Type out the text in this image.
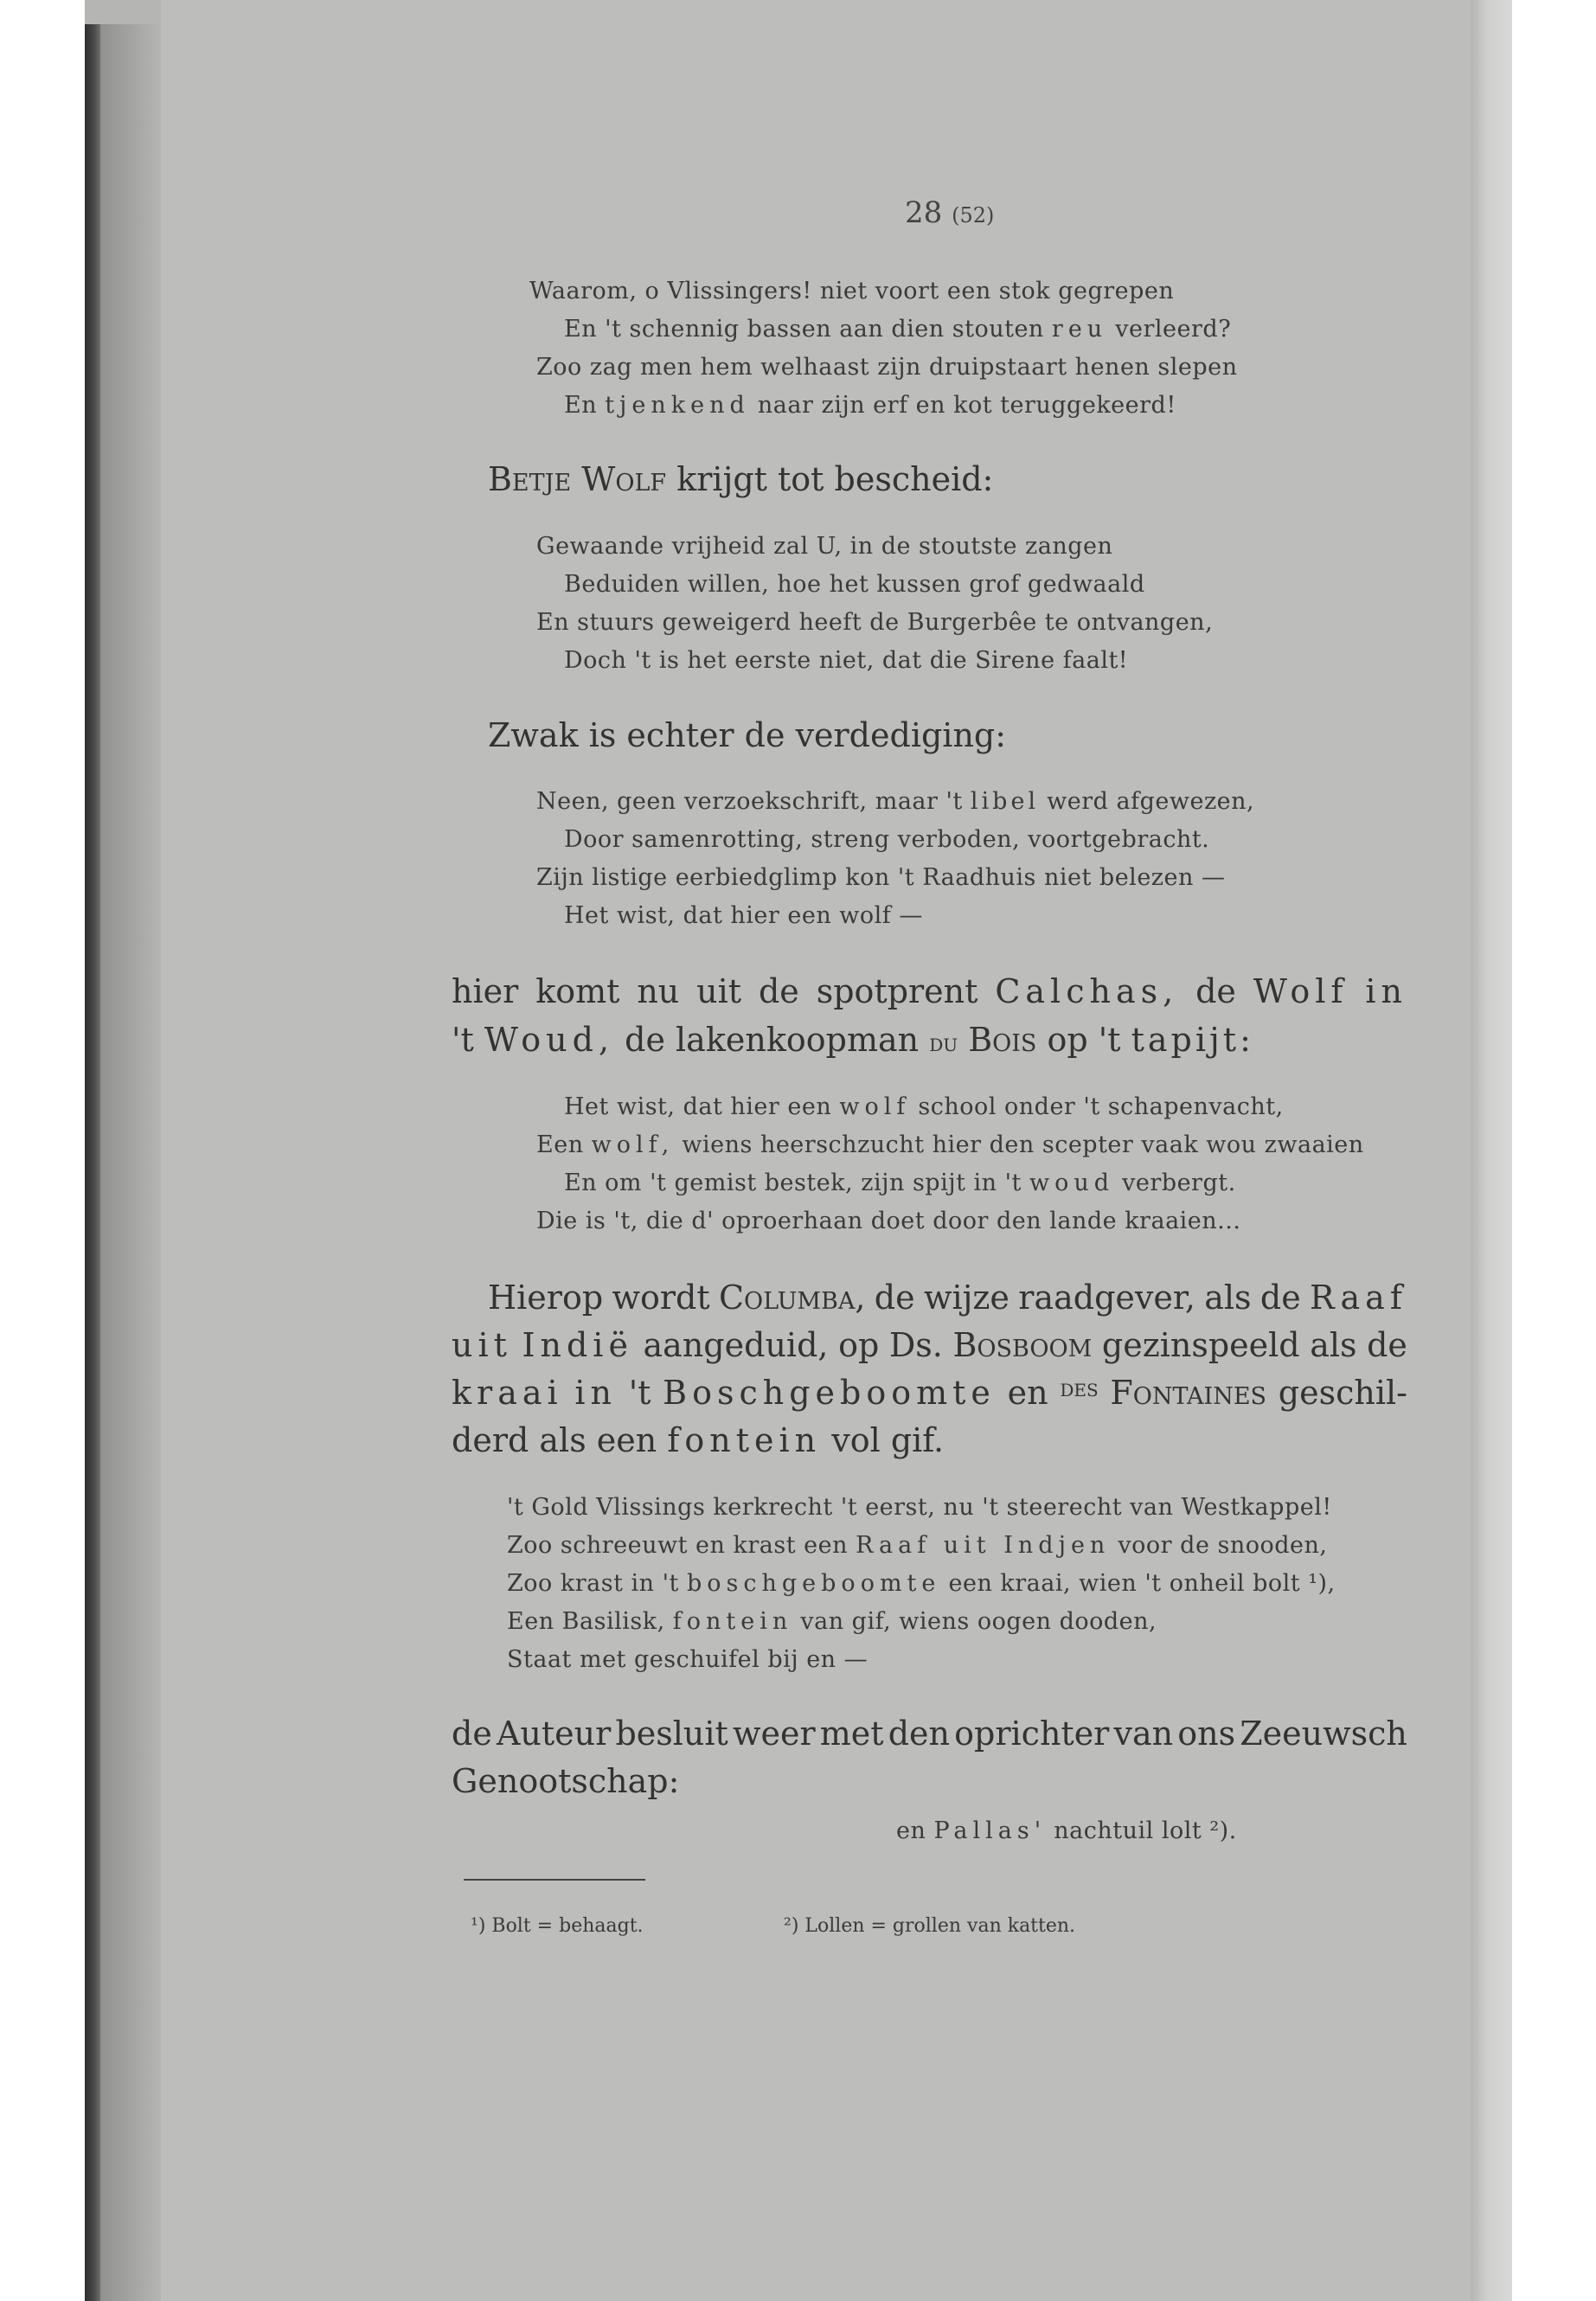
28 (52)
Waarom, o Vlissingers! niet voort een stok gegrepen
En 't schennig bassen aan dien stouten reu verleerd?
Zoo zag men hem welhaast zijn druipstaart henen slepen
En tjenkend naar zijn erf en kot teruggekeerd!
Betje Wolf krijgt tot bescheid:
Gewaande vrijheid zal U, in de stoutste zangen
Beduiden willen, hoe het kussen grof gedwaald
En stuurs geweigerd heeft de Burgerbêe te ontvangen,
Doch 't is het eerste niet, dat die Sirene faalt!
Zwak is echter de verdediging:
Neen, geen verzoekschrift, maar 't libel werd afgewezen,
Door samenrotting, streng verboden, voortgebracht.
Zijn listige eerbiedglimp kon 't Raadhuis niet belezen —
Het wist, dat hier een wolf —
hier komt nu uit de spotprent Calchas, de Wolf in
't Woud, de lakenkoopman du Bois op 't tapijt:
Het wist, dat hier een wolf school onder 't schapenvacht,
Een wolf, wiens heerschzucht hier den scepter vaak wou zwaaien
En om 't gemist bestek, zijn spijt in 't woud verbergt.
Die is 't, die d' oproerhaan doet door den lande kraaien...
Hierop wordt Columba, de wijze raadgever, als de Raaf
uit Indië aangeduid, op Ds. Bosboom gezinspeeld als de
kraai in 't Boschgeboomte en des Fontaines geschil-
derd als een fontein vol gif.
't Gold Vlissings kerkrecht 't eerst, nu 't steerecht van Westkappel!
Zoo schreeuwt en krast een Raaf uit Indjen voor de snooden,
Zoo krast in 't boschgeboomte een kraai, wien 't onheil bolt ¹),
Een Basilisk, fontein van gif, wiens oogen dooden,
Staat met geschuifel bij en —
de Auteur besluit weer met den oprichter van ons Zeeuwsch
Genootschap:
en Pallas' nachtuil lolt ²).
¹) Bolt = behaagt.	²) Lollen = grollen van katten.
